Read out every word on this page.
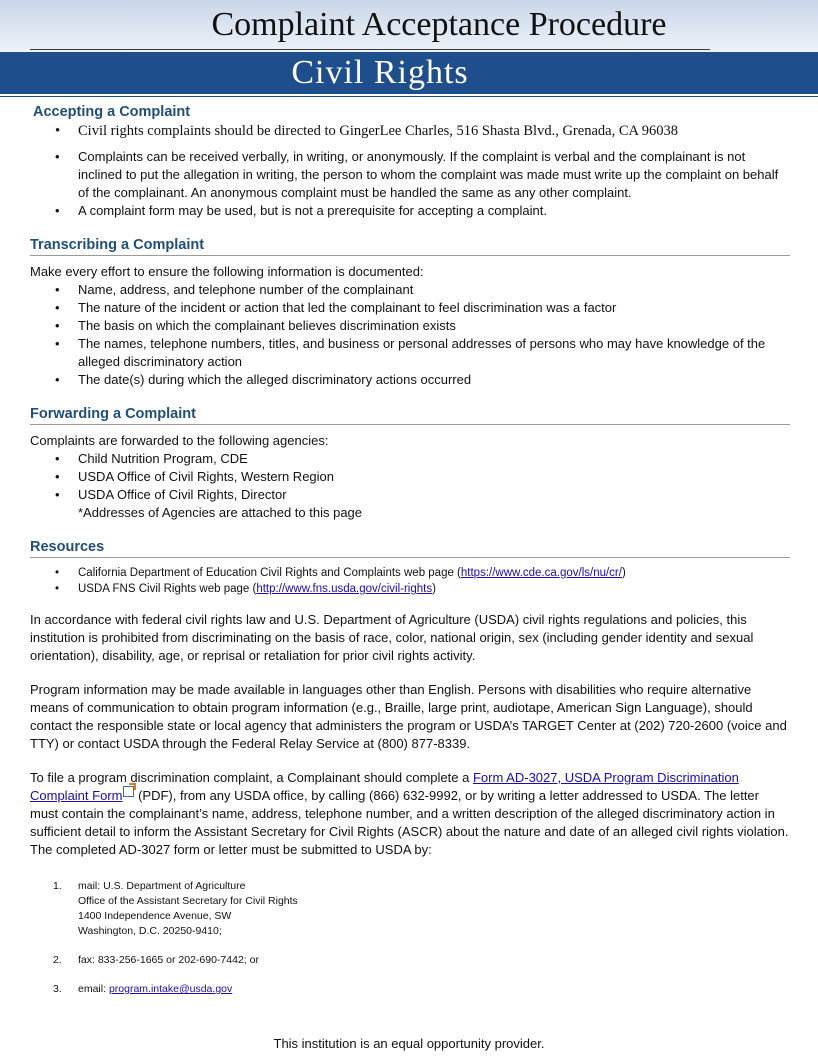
Complaint Acceptance Procedure
Civil Rights
Accepting a Complaint
• Civil rights complaints should be directed to GingerLee Charles, 516 Shasta Blvd., Grenada, CA 96038
• Complaints can be received verbally, in writing, or anonymously. If the complaint is verbal and the complainant is not inclined to put the allegation in writing, the person to whom the complaint was made must write up the complaint on behalf of the complainant. An anonymous complaint must be handled the same as any other complaint.
• A complaint form may be used, but is not a prerequisite for accepting a complaint.
Transcribing a Complaint

Make every effort to ensure the following information is documented:

• Name, address, and telephone number of the complainant
• The nature of the incident or action that led the complainant to feel discrimination was a factor
• The basis on which the complainant believes discrimination exists
• The names, telephone numbers, titles, and business or personal addresses of persons who may have knowledge of the alleged discriminatory action
• The date(s) during which the alleged discriminatory actions occurred
Forwarding a Complaint

Complaints are forwarded to the following agencies:

• Child Nutrition Program, CDE
• USDA Office of Civil Rights, Western Region
• USDA Office of Civil Rights, Director
*Addresses of Agencies are attached to this page
Resources
• California Department of Education Civil Rights and Complaints web page (https://www.cde.ca.gov/ls/nu/cr/)
• USDA FNS Civil Rights web page (http://www.fns.usda.gov/civil-rights)

In accordance with federal civil rights law and U.S. Department of Agriculture (USDA) civil rights regulations and policies, this institution is prohibited from discriminating on the basis of race, color, national origin, sex (including gender identity and sexual orientation), disability, age, or reprisal or retaliation for prior civil rights activity.

Program information may be made available in languages other than English. Persons with disabilities who require alternative means of communication to obtain program information (e.g., Braille, large print, audiotape, American Sign Language), should contact the responsible state or local agency that administers the program or USDA’s TARGET Center at (202) 720-2600 (voice and TTY) or contact USDA through the Federal Relay Service at (800) 877-8339.

To file a program discrimination complaint, a Complainant should complete a Form AD-3027, USDA Program Discrimination Complaint Form (PDF), from any USDA office, by calling (866) 632-9992, or by writing a letter addressed to USDA. The letter must contain the complainant’s name, address, telephone number, and a written description of the alleged discriminatory action in sufficient detail to inform the Assistant Secretary for Civil Rights (ASCR) about the nature and date of an alleged civil rights violation. The completed AD-3027 form or letter must be submitted to USDA by:

1. mail: U.S. Department of Agriculture
Office of the Assistant Secretary for Civil Rights
1400 Independence Avenue, SW
Washington, D.C. 20250-9410;
2. fax: 833-256-1665 or 202-690-7442; or
3. email: program.intake@usda.gov
This institution is an equal opportunity provider.
